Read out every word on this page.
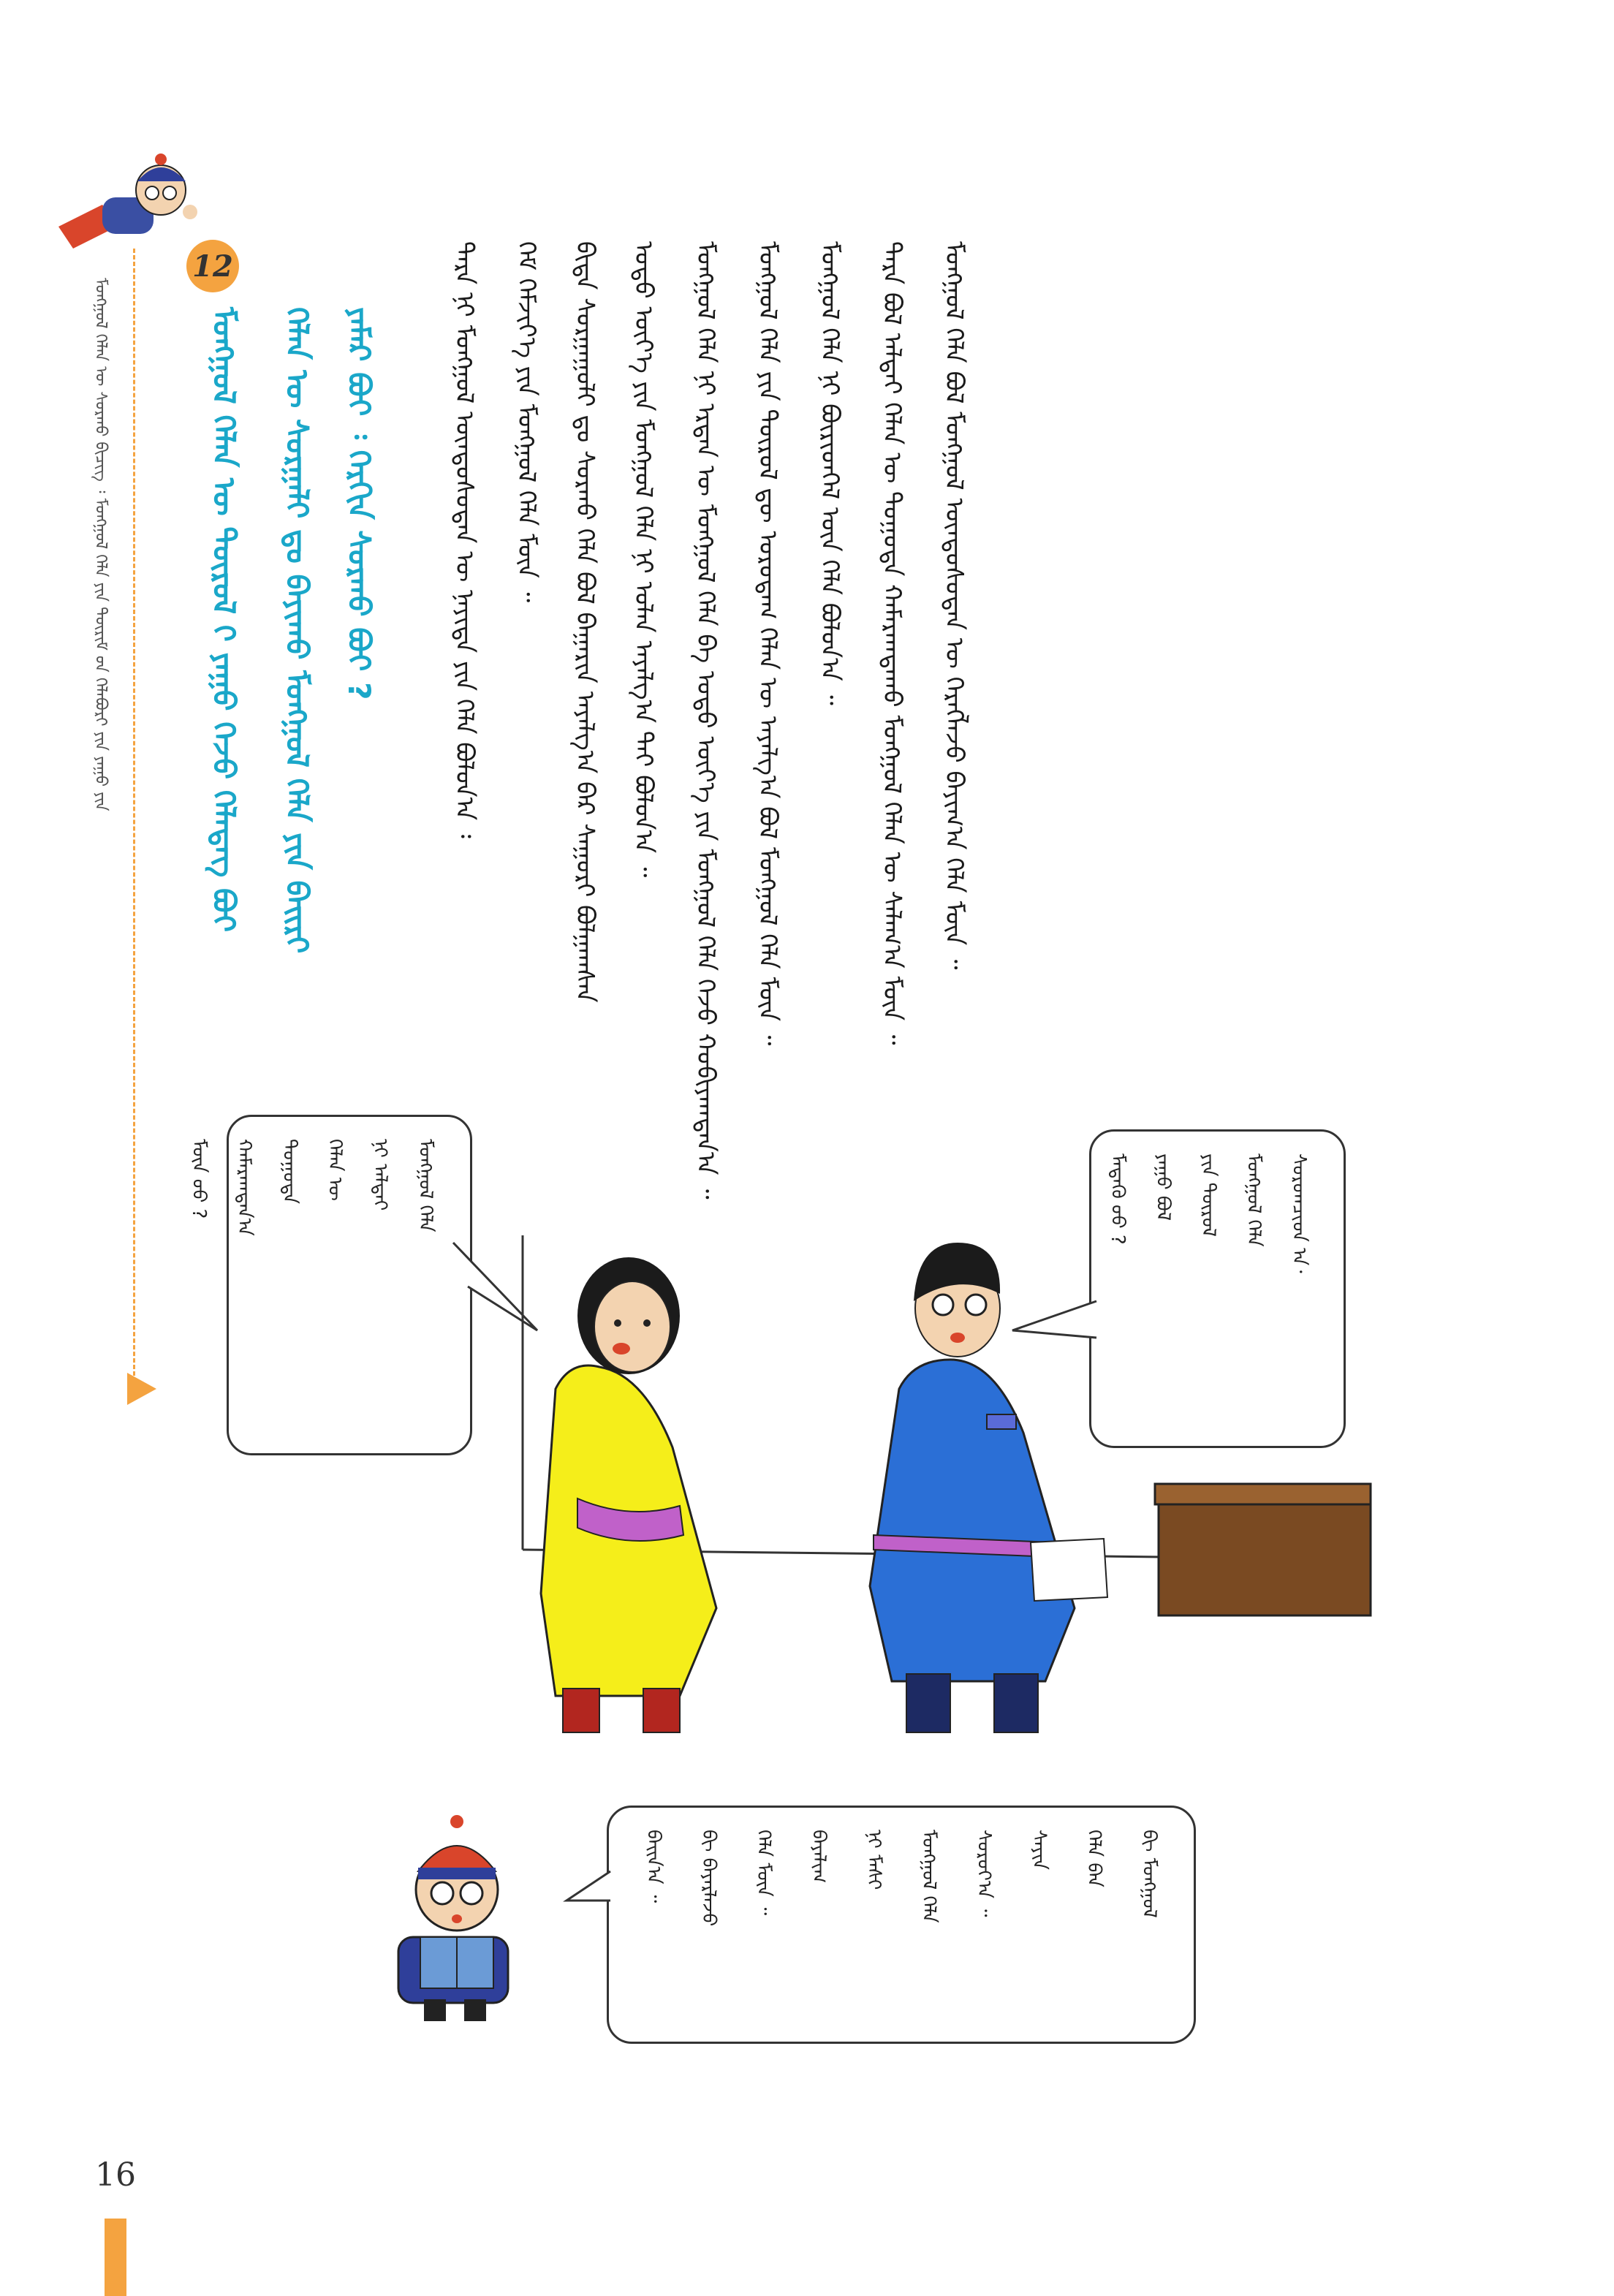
ᠮᠣᠩᠭᠣᠯ ᠬᠡᠯᠡᠨ ᠦ ᠰᠤᠷᠬᠤ ᠪᠢᠴᠢᠭ ᠄ ᠮᠣᠩᠭᠣᠯ ᠬᠡᠯᠡ ᠶᠢᠨ ᠳᠦᠷᠢᠮ ᠤ᠋ᠨ ᠬᠡᠯᠡᠪᠦᠷᠢ ᠶᠢᠨ ᠶᠠᠭᠤ ᠶᠢᠨ
12
ᠮᠣᠩᠭᠣᠯ ᠬᠡᠯᠡᠨ ᠦ ᠲᠦᠷᠦᠯ ᠢ᠋ ᠶᠠᠭᠤ ᠭᠡᠵᠦ ᠬᠡᠯᠡᠳᠡᠭ ᠪᠤᠢ ᠬᠡᠯᠡᠨ ᠦ ᠰᠤᠷᠭᠠᠯᠢ ᠳᠤ ᠪᠠᠶᠢᠬᠤ ᠮᠣᠩᠭᠣᠯ ᠬᠡᠯᠡ ᠶᠢᠨ ᠪᠠᠢᠷᠢ ᠶᠠᠮᠠᠷ ᠪᠤᠢ ᠄ ᠬᠡᠷᠬᠢᠨ ᠰᠤᠷᠬᠤ ᠪᠤᠢ ?	ᠲᠡᠷᠡ ᠨᠢ ᠮᠣᠩᠭᠣᠯ ᠦᠨᠳᠦᠰᠦᠲᠡᠨ ᠦ ᠨᠡᠶᠢᠲᠡ ᠶᠢᠨ ᠬᠡᠯᠡ ᠪᠣᠯᠤᠨ᠎ᠠ ᠄ ᠬᠡᠮ ᠬᠡᠮᠵᠢᠶ᠎ᠡ ᠶᠢᠨ ᠮᠣᠩᠭᠣᠯ ᠬᠡᠯᠡ ᠮᠥᠨ ᠃ ᠪᠢᠳᠡ ᠰᠤᠷᠭᠠᠭᠤᠯᠢ ᠳᠤ ᠰᠤᠷᠬᠤ ᠬᠡᠯᠡ ᠪᠣᠯ ᠪᠠᠭᠠᠷᠢᠨ ᠠᠶᠠᠯᠭ᠎ᠠ ᠪᠠᠷ ᠰᠠᠭᠤᠷᠢ ᠪᠣᠯᠭᠠᠭᠰᠠᠨ ᠣᠳᠣ ᠦᠶ᠎ᠡ ᠶᠢᠨ ᠮᠣᠩᠭᠣᠯ ᠬᠡᠯᠡ ᠨᠢ ᠣᠯᠠᠨ ᠠᠶᠠᠯᠭ᠎ᠠ ᠲᠠᠢ ᠪᠣᠯᠤᠨ᠎ᠠ ᠃ ᠮᠣᠩᠭᠣᠯ ᠬᠡᠯᠡ ᠨᠢ ᠡᠷᠲᠡᠨ ᠦ ᠮᠣᠩᠭᠣᠯ ᠬᠡᠯᠡ ᠪᠠ ᠣᠳᠣ ᠦᠶ᠎ᠡ ᠶᠢᠨ ᠮᠣᠩᠭᠣᠯ ᠬᠡᠯᠡ ᠭᠡᠵᠦ ᠬᠤᠪᠢᠶᠠᠭᠳᠠᠨ᠎ᠠ ᠃ ᠮᠣᠩᠭᠣᠯ ᠬᠡᠯᠡ ᠶᠢᠨ ᠲᠦᠷᠦᠯ ᠳᠦ ᠣᠷᠣᠳᠠᠭ ᠬᠡᠯᠡᠨ ᠦ ᠠᠶᠠᠯᠭ᠎ᠠ ᠪᠣᠯ ᠮᠣᠩᠭᠣᠯ ᠬᠡᠯᠡ ᠮᠥᠨ ᠃ ᠮᠣᠩᠭᠣᠯ ᠬᠡᠯᠡ ᠨᠢ ᠪᠦᠷᠢᠳᠬᠡᠯ ᠦᠨ ᠬᠡᠯᠡ ᠪᠣᠯᠤᠨ᠎ᠠ ᠃ ᠲᠡᠷᠡ ᠪᠣᠯ ᠠᠯᠲᠠᠢ ᠬᠡᠯᠡᠨ ᠦ ᠲᠣᠭᠣᠳᠠ ᠬᠠᠮᠠᠷᠠᠭᠳᠠᠬᠤ ᠮᠣᠩᠭᠣᠯ ᠬᠡᠯᠡᠨ ᠦ ᠰᠠᠯᠠᠭ᠎ᠠ ᠮᠥᠨ ᠃ ᠮᠣᠩᠭᠣᠯ ᠬᠡᠯᠡ ᠪᠣᠯ ᠮᠣᠩᠭᠣᠯ ᠦᠨᠳᠦᠰᠦᠲᠡᠨ ᠦ ᠬᠡᠷᠡᠭᠯᠡᠵᠦ ᠪᠠᠶᠢᠭ᠎ᠠ ᠬᠡᠯᠡ ᠮᠥᠨ ᠃
ᠮᠣᠩᠭᠣᠯ ᠬᠡᠯᠡ
ᠨᠢ ᠠᠯᠲᠠᠢ
ᠬᠡᠯᠡᠨ ᠦ
ᠲᠣᠭᠣᠳᠠ
ᠬᠠᠮᠠᠷᠠᠭᠳᠠᠨ᠎ᠠ
ᠮᠥᠨ ᠦᠦ ?	ᠰᠤᠷᠤᠭᠴᠢᠳ ᠠ᠂
ᠮᠣᠩᠭᠣᠯ ᠬᠡᠯᠡ
ᠶᠢᠨ ᠲᠦᠷᠦᠯ
ᠶᠠᠭᠤ ᠪᠣᠯ
ᠮᠡᠳᠡᠬᠦ ᠦᠦ ?
ᠪᠢ ᠮᠣᠩᠭᠣᠯ
ᠬᠡᠯᠡ ᠪᠡᠨ
ᠰᠠᠶᠢᠨ
ᠰᠤᠷᠤᠶ᠎ᠠ ᠃
ᠮᠣᠩᠭᠣᠯ ᠬᠡᠯᠡ
ᠨᠢ ᠮᠠᠰᠢ
ᠪᠠᠶᠠᠯᠢᠭ
ᠬᠡᠯᠡ ᠮᠥᠨ ᠃
ᠪᠢ ᠪᠠᠶᠠᠷᠯᠠᠵᠤ
ᠪᠠᠢᠨ᠎ᠠ ᠃
16
